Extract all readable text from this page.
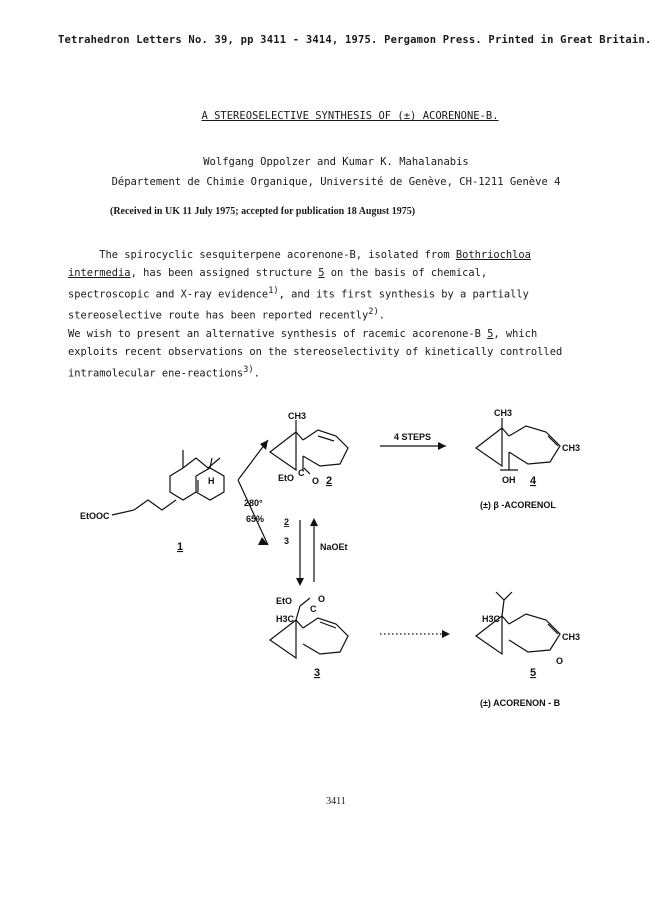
Tetrahedron Letters No. 39, pp 3411 - 3414, 1975. Pergamon Press. Printed in Great Britain.
A STEREOSELECTIVE SYNTHESIS OF (±) ACORENONE-B.
Wolfgang Oppolzer and Kumar K. Mahalanabis
Département de Chimie Organique, Université de Genève, CH-1211 Genève 4
(Received in UK 11 July 1975; accepted for publication 18 August 1975)
The spirocyclic sesquiterpene acorenone-B, isolated from Bothriochloa
intermedia, has been assigned structure 5 on the basis of chemical,
spectroscopic and X-ray evidence$^{1)}$, and its first synthesis by a partially
stereoselective route has been reported recently$^{2)}$.
We wish to present an alternative synthesis of racemic acorenone-B 5, which
exploits recent observations on the stereoselectivity of kinetically controlled
intramolecular ene-reactions$^{3)}$.
EtOOC
H
1
280°
65%
CH3
EtO C
O 2
2
3
NaOEt
4 STEPS
CH3
CH3
OH 4
(±) β -ACORENOL
EtO
C
O
H3C
3
H3C
CH3
O
5
(±) ACORENON - B
3411
